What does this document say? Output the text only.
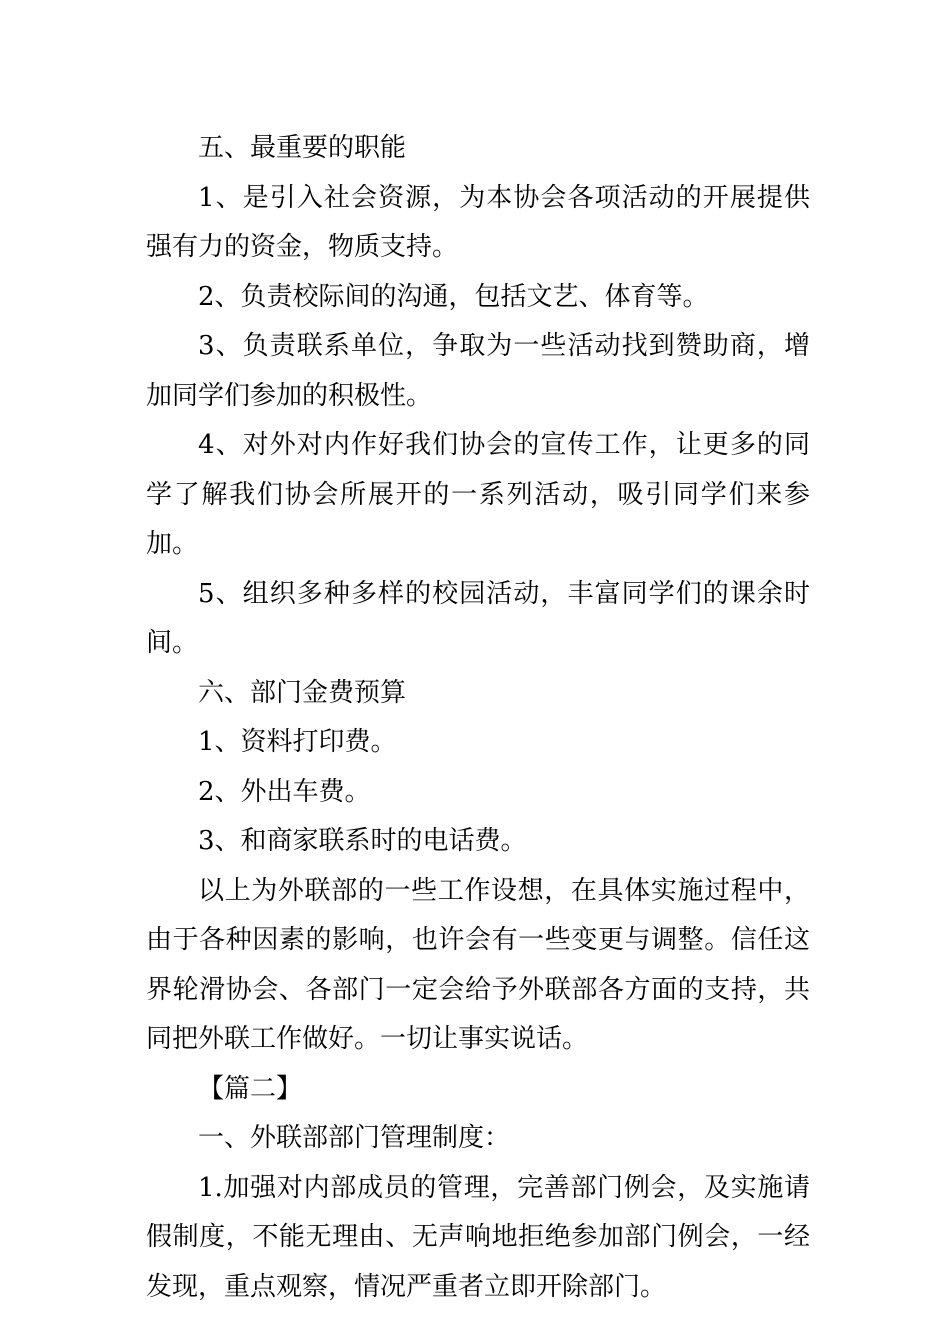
五、最重要的职能

1、是引入社会资源，为本协会各项活动的开展提供强有力的资金，物质支持。

2、负责校际间的沟通，包括文艺、体育等。

3、负责联系单位，争取为一些活动找到赞助商，增加同学们参加的积极性。

4、对外对内作好我们协会的宣传工作，让更多的同学了解我们协会所展开的一系列活动，吸引同学们来参加。

5、组织多种多样的校园活动，丰富同学们的课余时间。

六、部门金费预算

1、资料打印费。

2、外出车费。

3、和商家联系时的电话费。

以上为外联部的一些工作设想，在具体实施过程中，由于各种因素的影响，也许会有一些变更与调整。信任这界轮滑协会、各部门一定会给予外联部各方面的支持，共同把外联工作做好。一切让事实说话。

【篇二】

一、外联部部门管理制度：

1.加强对内部成员的管理，完善部门例会，及实施请假制度，不能无理由、无声响地拒绝参加部门例会，一经发现，重点观察，情况严重者立即开除部门。
